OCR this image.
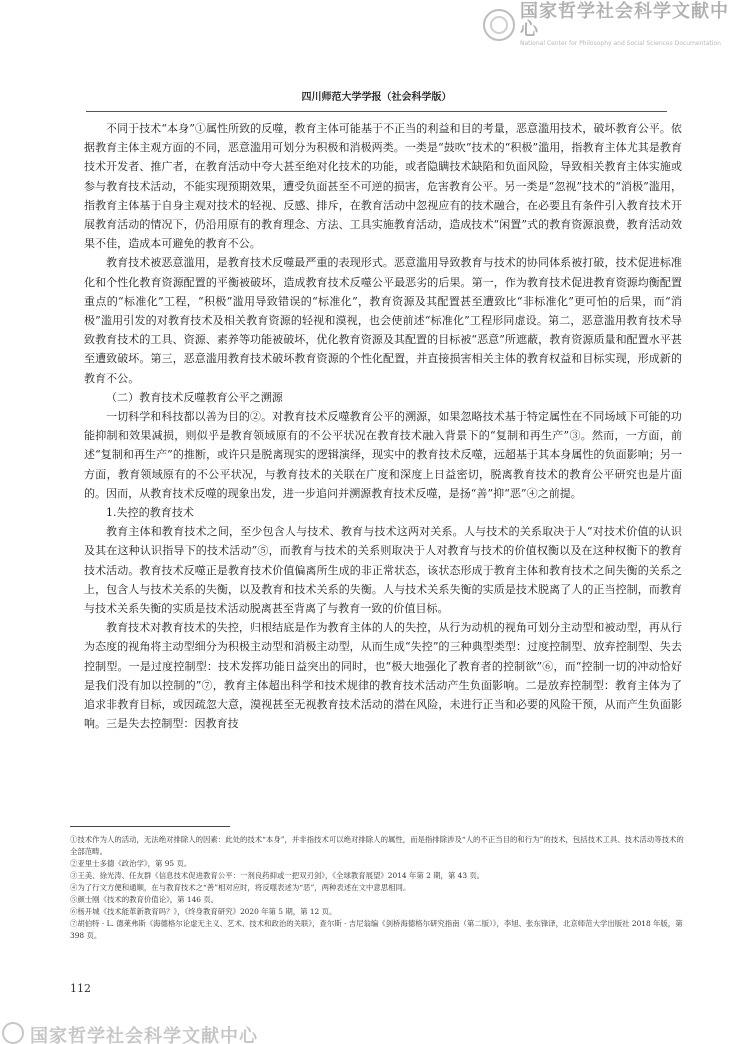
国家哲学社会科学文献中心
National Center for Philosophy and Social Sciences Documentation
四川师范大学学报（社会科学版）

不同于技术“本身”①属性所致的反噬，教育主体可能基于不正当的利益和目的考量，恶意滥用技术，破坏教育公平。依据教育主体主观方面的不同，恶意滥用可划分为积极和消极两类。一类是“鼓吹”技术的“积极”滥用，指教育主体尤其是教育技术开发者、推广者，在教育活动中夸大甚至绝对化技术的功能，或者隐瞒技术缺陷和负面风险，导致相关教育主体实施或参与教育技术活动，不能实现预期效果，遭受负面甚至不可逆的损害，危害教育公平。另一类是“忽视”技术的“消极”滥用，指教育主体基于自身主观对技术的轻视、反感、排斥，在教育活动中忽视应有的技术融合，在必要且有条件引入教育技术开展教育活动的情况下，仍沿用原有的教育理念、方法、工具实施教育活动，造成技术“闲置”式的教育资源浪费，教育活动效果不佳，造成本可避免的教育不公。

教育技术被恶意滥用，是教育技术反噬最严重的表现形式。恶意滥用导致教育与技术的协同体系被打破，技术促进标准化和个性化教育资源配置的平衡被破坏，造成教育技术反噬公平最恶劣的后果。第一，作为教育技术促进教育资源均衡配置重点的“标准化”工程，“积极”滥用导致错误的“标准化”，教育资源及其配置甚至遭致比“非标准化”更可怕的后果，而“消极”滥用引发的对教育技术及相关教育资源的轻视和漠视，也会使前述“标准化”工程形同虚设。第二，恶意滥用教育技术导致教育技术的工具、资源、素养等功能被破坏，优化教育资源及其配置的目标被“恶意”所遮蔽，教育资源质量和配置水平甚至遭致破坏。第三，恶意滥用教育技术破坏教育资源的个性化配置，并直接损害相关主体的教育权益和目标实现，形成新的教育不公。

（二）教育技术反噬教育公平之溯源

一切科学和科技都以善为目的②。对教育技术反噬教育公平的溯源，如果忽略技术基于特定属性在不同场域下可能的功能抑制和效果减损，则似乎是教育领域原有的不公平状况在教育技术融入背景下的“复制和再生产”③。然而，一方面，前述“复制和再生产”的推断，或许只是脱离现实的逻辑演绎，现实中的教育技术反噬，远超基于其本身属性的负面影响；另一方面，教育领域原有的不公平状况，与教育技术的关联在广度和深度上日益密切，脱离教育技术的教育公平研究也是片面的。因而，从教育技术反噬的现象出发，进一步追问并溯源教育技术反噬，是扬“善”抑“恶”④之前提。

1.失控的教育技术

教育主体和教育技术之间，至少包含人与技术、教育与技术这两对关系。人与技术的关系取决于人“对技术价值的认识及其在这种认识指导下的技术活动”⑤，而教育与技术的关系则取决于人对教育与技术的价值权衡以及在这种权衡下的教育技术活动。教育技术反噬正是教育技术价值偏离所生成的非正常状态，该状态形成于教育主体和教育技术之间失衡的关系之上，包含人与技术关系的失衡，以及教育和技术关系的失衡。人与技术关系失衡的实质是技术脱离了人的正当控制，而教育与技术关系失衡的实质是技术活动脱离甚至背离了与教育一致的价值目标。

教育技术对教育技术的失控，归根结底是作为教育主体的人的失控，从行为动机的视角可划分主动型和被动型，再从行为态度的视角将主动型细分为积极主动型和消极主动型，从而生成“失控”的三种典型类型：过度控制型、放弃控制型、失去控制型。一是过度控制型：技术发挥功能日益突出的同时，也“极大地强化了教育者的控制欲”⑥，而“控制一切的冲动恰好是我们没有加以控制的”⑦，教育主体超出科学和技术规律的教育技术活动产生负面影响。二是放弃控制型：教育主体为了追求非教育目标，或因疏忽大意，漠视甚至无视教育技术活动的潜在风险，未进行正当和必要的风险干预，从而产生负面影响。三是失去控制型：因教育技

①技术作为人的活动，无法绝对排除人的因素：此处的技术“本身”，并非指技术可以绝对排除人的属性，而是指排除涉及“人的不正当目的和行为”的技术，包括技术工具、技术活动等技术的全部范畴。
②亚里士多德《政治学》，第 95 页。
③王美、徐光涛、任友群《信息技术促进教育公平：一剂良药抑或一把双刃剑》，《全球教育展望》2014 年第 2 期，第 43 页。
④为了行文方便和通顺，在与教育技术之“善”相对应时，将反噬表述为“恶”，两种表述在文中意思相同。
⑤颜士刚《技术的教育价值论》，第 146 页。
⑥杨开城《技术能革新教育吗？》，《终身教育研究》2020 年第 5 期，第 12 页。
⑦胡伯特 · L. 德莱弗斯《海德格尔论虚无主义、艺术、技术和政治的关联》，查尔斯 · 吉尼翁编《剑桥海德格尔研究指南（第二版）》，李旭、张东锋译，北京师范大学出版社 2018 年版，第 398 页。
112
国家哲学社会科学文献中心
